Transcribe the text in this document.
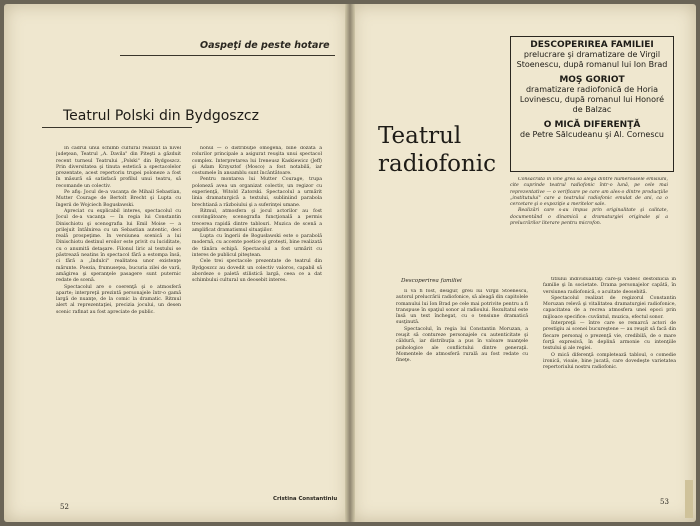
Oaspeţi de peste hotare
Teatrul Polski din Bydgoszcz

In cadrul unui schimb cultural realizat la nivel judeţean, Teatrul „A. Davila" din Piteşti a găzduit recent turneul Teatrului „Polski" din Bydgoszcz. Prin diversitatea şi tinuta estetică a spectacolelor prezentate, acest repertoriu trupei poloneze a fost în măsură să satisfacă profilul unui teatru, să recomande un colectiv.

Pe afiş: Jocul de-a vacanţa de Mihail Sebastian, Mutter Courage de Bertolt Brecht şi Lupta cu îngerii de Wojciech Bogusławski.

Apreciat cu explicabil interes, spectacolul cu Jocul de-a vacanţa — în regia lui Constantin Dinischiotu şi scenografia lui Emil Moise — a prilejuit întâlnirea cu un Sebastian autentic, deci reală prospeţime. In versiunea scenică a lui Dinischiotu destinul eroilor este privit cu luciditate, cu o anumită detaşare. Filonul liric al textului se păstrează neatins în spectacol fără a estompa însă, ci fără a „îndulci" realitatea unor existenţe mărunte. Poezia, frumuseţea, bucuria zilei de vară, amăgirea şi speranţele pasagere sunt puternic redate de scenă.

Spectacolul are o coerenţă şi o atmosferă aparte; interpreţii prezintă personajele într-o gamă largă de nuanţe, de la comic la dramatic. Ritmul alert al reprezentaţiei, precizia jocului, un desen scenic rafinat au fost apreciate de public.

nonul — o distribuţie omogenă, bine dozată a rolurilor principale a asigurat reuşita unui spectacol complex. Interpretarea lui Ireneusz Kaskiewicz (Jeff) şi Adam Krzysztof (Mosco) a fost notabilă, iar costumele în ansamblu sunt încântătoare.

Pentru montarea lui Mutter Courage, trupa poloneză avea un organizat colectiv, un regizor cu experienţă, Witold Zatorski. Spectacolul a urmărit linia dramaturgică a textului, subliniind parabola brechtiană a războiului şi a suferinţei umane.

Ritmul, atmosfera şi jocul actorilor au fost convingătoare; scenografia funcţională a permis trecerea rapidă dintre tablouri. Muzica de scenă a amplificat dramatismul situaţiilor.

Lupta cu îngerii de Bogusławski este o parabolă modernă, cu accente poetice şi grotești, bine realizată de tânăra echipă. Spectacolul a fost urmărit cu interes de publicul piteştean.

Cele trei spectacole prezentate de teatrul din Bydgoszcz au dovedit un colectiv valoros, capabil să abordeze o paletă stilistică largă, ceea ce a dat schimbului cultural un deosebit interes.

Cristina Constantiniu
52

DESCOPERIREA FAMILIEI

prelucrare şi dramatizare de Virgil Stoenescu, după romanul lui Ion Brad

MOŞ GORIOT

dramatizare radiofonică de Horia Lovinescu, după romanul lui Honoré de Balzac

O MICĂ DIFERENŢĂ

de Petre Sălcudeanu şi Al. Cornescu

Teatrul
radiofonic

Consacrată în vine grea să alegă dintre numeroasele emisiuni, cite cuprinde teatrul radiofonic într-o lună, pe cele mai reprezentative — o verificare pe care am ales-o dintre producţiile „institutului" care a teatrului radiofonic emulat de ani, ca o cercetare şi o expoziţie a meritelor sale.

Realizări care s-au impus prin originalitate şi calitate, documentând o dinamică a dramaturgiei originale şi a prelucrărilor literare pentru microfon.

Descoperirea familiei

Ii va fi fost, desigur, greu lui Virgil Stoenescu, autorul prelucrării radiofonice, să aleagă din capitolele romanului lui Ion Brad pe cele mai potrivite pentru a fi transpuse în spaţiul sonor al radioului. Rezultatul este însă un text închegat, cu o tensiune dramatică susţinută.

Spectacolul, în regia lui Constantin Moruzan, a reuşit să contureze personajele cu autenticitate şi căldură, iar distribuţia a pus în valoare nuanţele psihologice ale conflictului dintre generaţii. Momentele de atmosferă rurală au fost redate cu fineţe.

titlului individualităţi care-şi vădesc destoinicia în familie şi în societate. Drama personajelor capătă, în versiunea radiofonică, o acuitate deosebită.

Spectacolul realizat de regizorul Constantin Moruzan relevă şi vitalitatea dramaturgiei radiofonice, capacitatea de a recrea atmosfera unei epoci prin mijloace specifice: cuvântul, muzica, efectul sonor.

Interpreţii — între care se remarcă actori de prestigiu ai scenei bucureştene — au reuşit să facă din fiecare personaj o prezenţă vie, credibilă, de o mare forţă expresivă, în deplină armonie cu intenţiile textului şi ale regiei.

O mică diferenţă completează tabloul, o comedie ironică, vioaie, bine jucată, care dovedeşte varietatea repertoriului nostru radiofonic.

53
